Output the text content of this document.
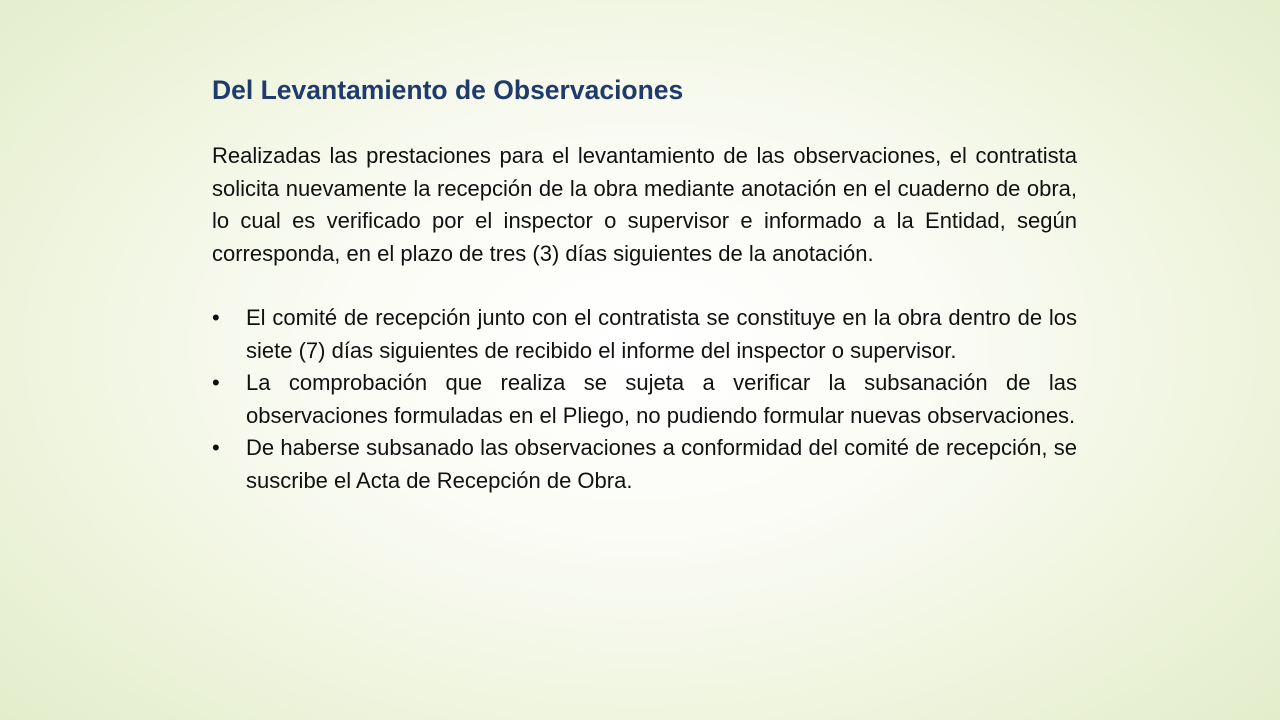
Del Levantamiento de Observaciones

Realizadas las prestaciones para el levantamiento de las observaciones, el contratista solicita nuevamente la recepción de la obra mediante anotación en el cuaderno de obra, lo cual es verificado por el inspector o supervisor e informado a la Entidad, según corresponda, en el plazo de tres (3) días siguientes de la anotación.

• El comité de recepción junto con el contratista se constituye en la obra dentro de los siete (7) días siguientes de recibido el informe del inspector o supervisor.
• La comprobación que realiza se sujeta a verificar la subsanación de las observaciones formuladas en el Pliego, no pudiendo formular nuevas observaciones.
• De haberse subsanado las observaciones a conformidad del comité de recepción, se suscribe el Acta de Recepción de Obra.
